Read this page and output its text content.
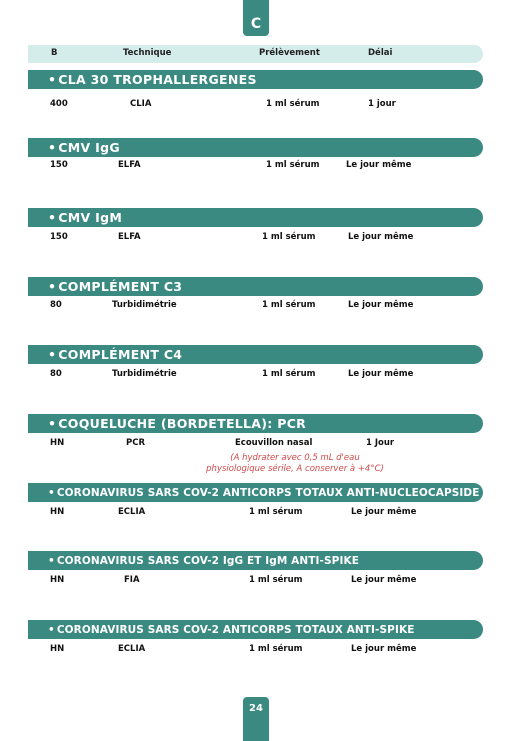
C
B	Technique	Prélèvement	Délai
• CLA 30 TROPHALLERGENES
400	CLIA	1 ml sérum	1 jour
• CMV IgG
150	ELFA	1 ml sérum	Le jour même
• CMV IgM
150	ELFA	1 ml sérum	Le jour même
• COMPLÉMENT C3
80	Turbidimétrie	1 ml sérum	Le jour même
• COMPLÉMENT C4
80	Turbidimétrie	1 ml sérum	Le jour même
• COQUELUCHE (BORDETELLA): PCR
HN	PCR	Ecouvillon nasal	1 Jour
(A hydrater avec 0,5 mL d'eau
physiologique sérile, A conserver à +4°C)
• CORONAVIRUS SARS COV-2 ANTICORPS TOTAUX ANTI-NUCLEOCAPSIDE
HN	ECLIA	1 ml sérum	Le jour même
• CORONAVIRUS SARS COV-2 IgG ET IgM ANTI-SPIKE
HN	FIA	1 ml sérum	Le jour même
• CORONAVIRUS SARS COV-2 ANTICORPS TOTAUX ANTI-SPIKE
HN	ECLIA	1 ml sérum	Le jour même
24
